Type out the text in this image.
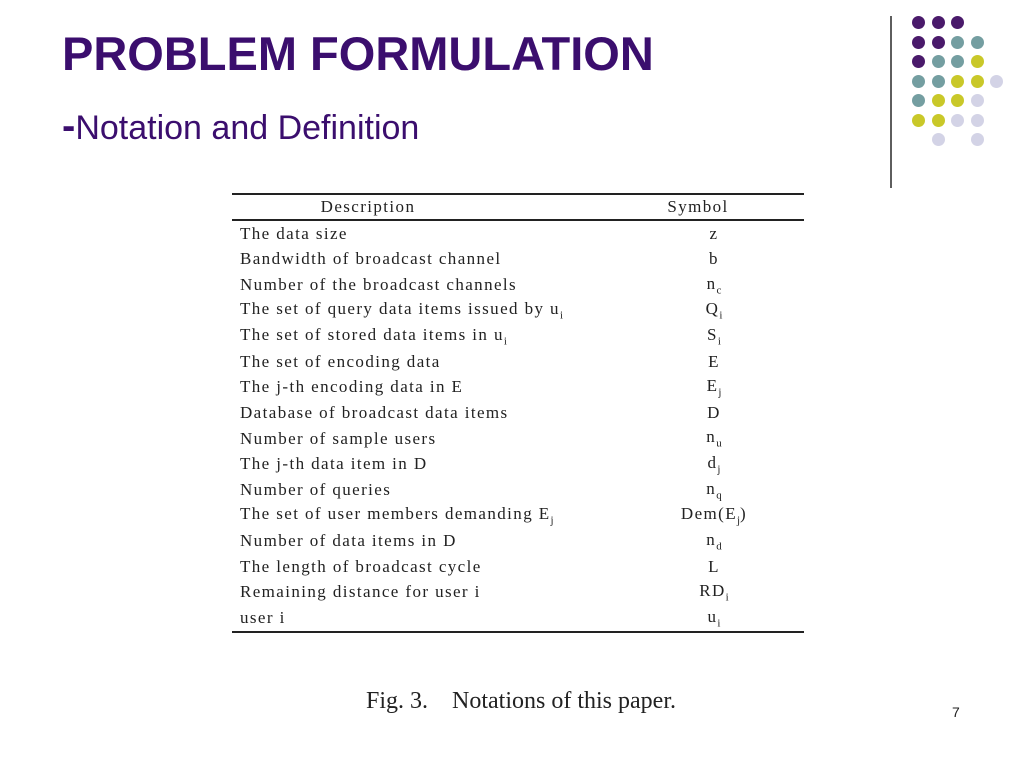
PROBLEM FORMULATION
-Notation and Definition
Description	Symbol
The data size	z
Bandwidth of broadcast channel	b
Number of the broadcast channels	$n_c$
The set of query data items issued by $u_i$	$Q_i$
The set of stored data items in $u_i$	$S_i$
The set of encoding data	E
The j-th encoding data in E	$E_j$
Database of broadcast data items	D
Number of sample users	$n_u$
The j-th data item in D	$d_j$
Number of queries	$n_q$
The set of user members demanding $E_j$	$Dem(E_j)$
Number of data items in D	$n_d$
The length of broadcast cycle	L
Remaining distance for user i	$RD_i$
user i	$u_i$
Fig. 3.    Notations of this paper.	7
